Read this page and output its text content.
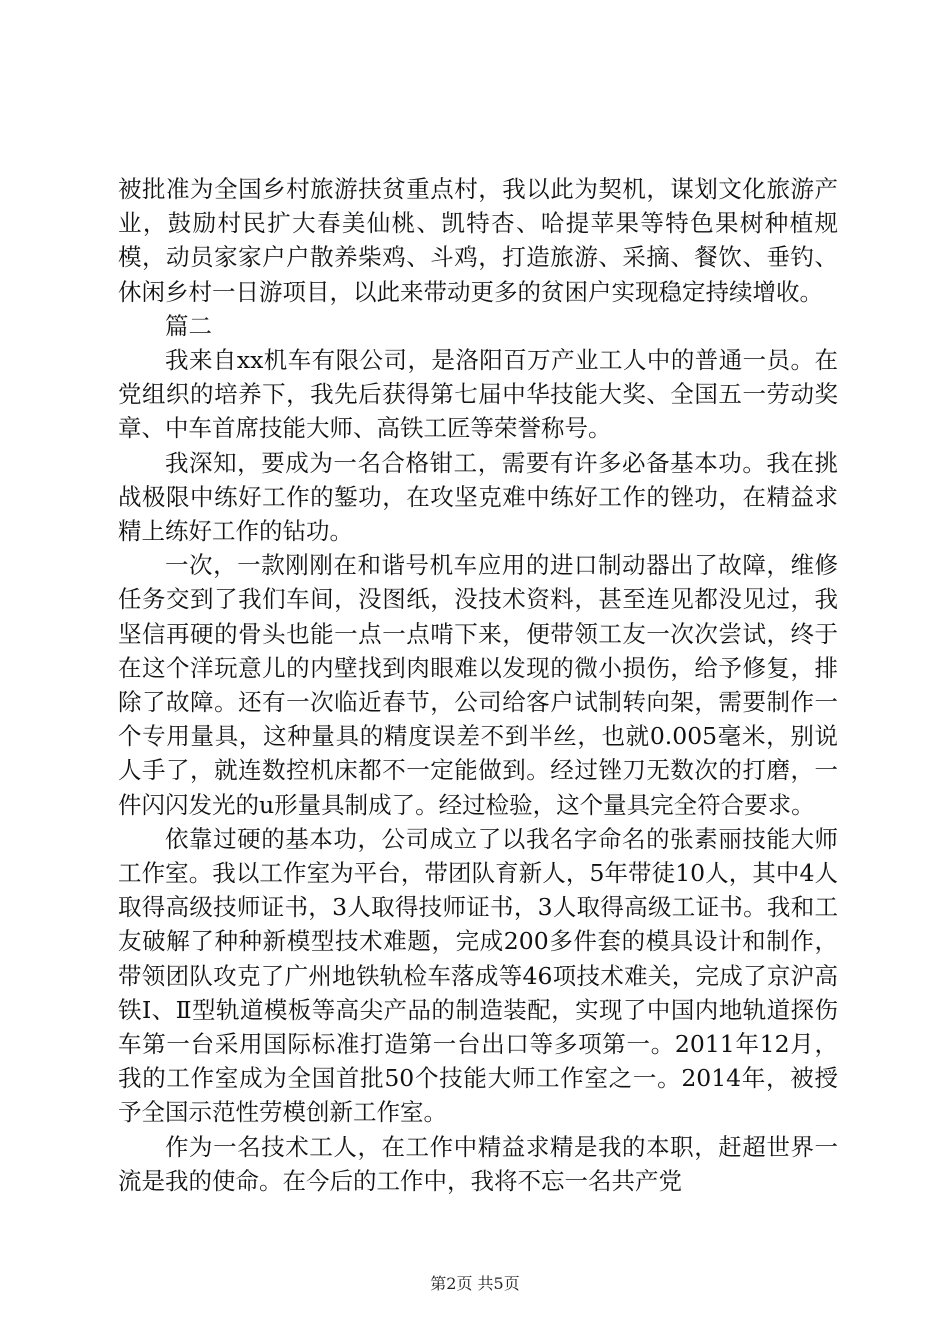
被批准为全国乡村旅游扶贫重点村，我以此为契机，谋划文化旅游产业，鼓励村民扩大春美仙桃、凯特杏、哈提苹果等特色果树种植规模，动员家家户户散养柴鸡、斗鸡，打造旅游、采摘、餐饮、垂钓、休闲乡村一日游项目，以此来带动更多的贫困户实现稳定持续增收。

篇二

我来自xx机车有限公司，是洛阳百万产业工人中的普通一员。在党组织的培养下，我先后获得第七届中华技能大奖、全国五一劳动奖章、中车首席技能大师、高铁工匠等荣誉称号。

我深知，要成为一名合格钳工，需要有许多必备基本功。我在挑战极限中练好工作的錾功，在攻坚克难中练好工作的锉功，在精益求精上练好工作的钻功。

一次，一款刚刚在和谐号机车应用的进口制动器出了故障，维修任务交到了我们车间，没图纸，没技术资料，甚至连见都没见过，我坚信再硬的骨头也能一点一点啃下来，便带领工友一次次尝试，终于在这个洋玩意儿的内壁找到肉眼难以发现的微小损伤，给予修复，排除了故障。还有一次临近春节，公司给客户试制转向架，需要制作一个专用量具，这种量具的精度误差不到半丝，也就0.005毫米，别说人手了，就连数控机床都不一定能做到。经过锉刀无数次的打磨，一件闪闪发光的u形量具制成了。经过检验，这个量具完全符合要求。

依靠过硬的基本功，公司成立了以我名字命名的张素丽技能大师工作室。我以工作室为平台，带团队育新人，5年带徒10人，其中4人取得高级技师证书，3人取得技师证书，3人取得高级工证书。我和工友破解了种种新模型技术难题，完成200多件套的模具设计和制作，带领团队攻克了广州地铁轨检车落成等46项技术难关，完成了京沪高铁Ⅰ、Ⅱ型轨道模板等高尖产品的制造装配，实现了中国内地轨道探伤车第一台采用国际标准打造第一台出口等多项第一。2011年12月，我的工作室成为全国首批50个技能大师工作室之一。2014年，被授予全国示范性劳模创新工作室。

作为一名技术工人，在工作中精益求精是我的本职，赶超世界一流是我的使命。在今后的工作中，我将不忘一名共产党

第2页 共5页
